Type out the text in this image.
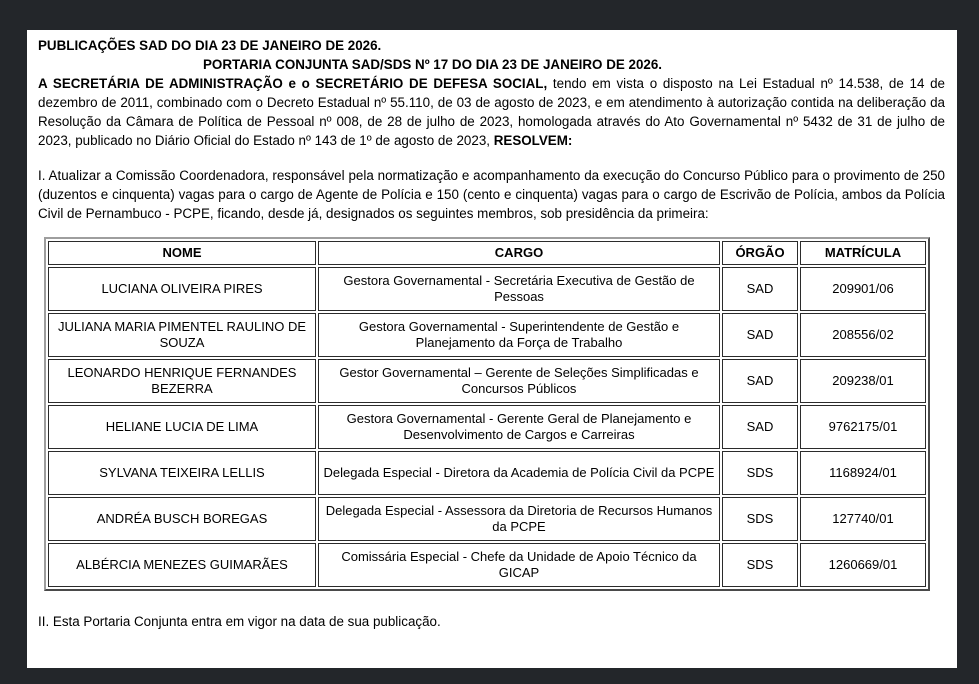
PUBLICAÇÕES SAD DO DIA 23 DE JANEIRO DE 2026.
PORTARIA CONJUNTA SAD/SDS Nº 17 DO DIA 23 DE JANEIRO DE 2026.

A SECRETÁRIA DE ADMINISTRAÇÃO e o SECRETÁRIO DE DEFESA SOCIAL, tendo em vista o disposto na Lei Estadual nº 14.538, de 14 de dezembro de 2011, combinado com o Decreto Estadual nº 55.110, de 03 de agosto de 2023, e em atendimento à autorização contida na deliberação da Resolução da Câmara de Política de Pessoal nº 008, de 28 de julho de 2023, homologada através do Ato Governamental nº 5432 de 31 de julho de 2023, publicado no Diário Oficial do Estado nº 143 de 1º de agosto de 2023, RESOLVEM:

I. Atualizar a Comissão Coordenadora, responsável pela normatização e acompanhamento da execução do Concurso Público para o provimento de 250 (duzentos e cinquenta) vagas para o cargo de Agente de Polícia e 150 (cento e cinquenta) vagas para o cargo de Escrivão de Polícia, ambos da Polícia Civil de Pernambuco - PCPE, ficando, desde já, designados os seguintes membros, sob presidência da primeira:

NOME	CARGO	ÓRGÃO	MATRÍCULA
LUCIANA OLIVEIRA PIRES	Gestora Governamental - Secretária Executiva de Gestão de Pessoas	SAD	209901/06
JULIANA MARIA PIMENTEL RAULINO DE SOUZA	Gestora Governamental - Superintendente de Gestão e Planejamento da Força de Trabalho	SAD	208556/02
LEONARDO HENRIQUE FERNANDES BEZERRA	Gestor Governamental – Gerente de Seleções Simplificadas e Concursos Públicos	SAD	209238/01
HELIANE LUCIA DE LIMA	Gestora Governamental - Gerente Geral de Planejamento e Desenvolvimento de Cargos e Carreiras	SAD	9762175/01
SYLVANA TEIXEIRA LELLIS	Delegada Especial - Diretora da Academia de Polícia Civil da PCPE	SDS	1168924/01
ANDRÉA BUSCH BOREGAS	Delegada Especial - Assessora da Diretoria de Recursos Humanos da PCPE	SDS	127740/01
ALBÉRCIA MENEZES GUIMARÃES	Comissária Especial - Chefe da Unidade de Apoio Técnico da GICAP	SDS	1260669/01

II. Esta Portaria Conjunta entra em vigor na data de sua publicação.
